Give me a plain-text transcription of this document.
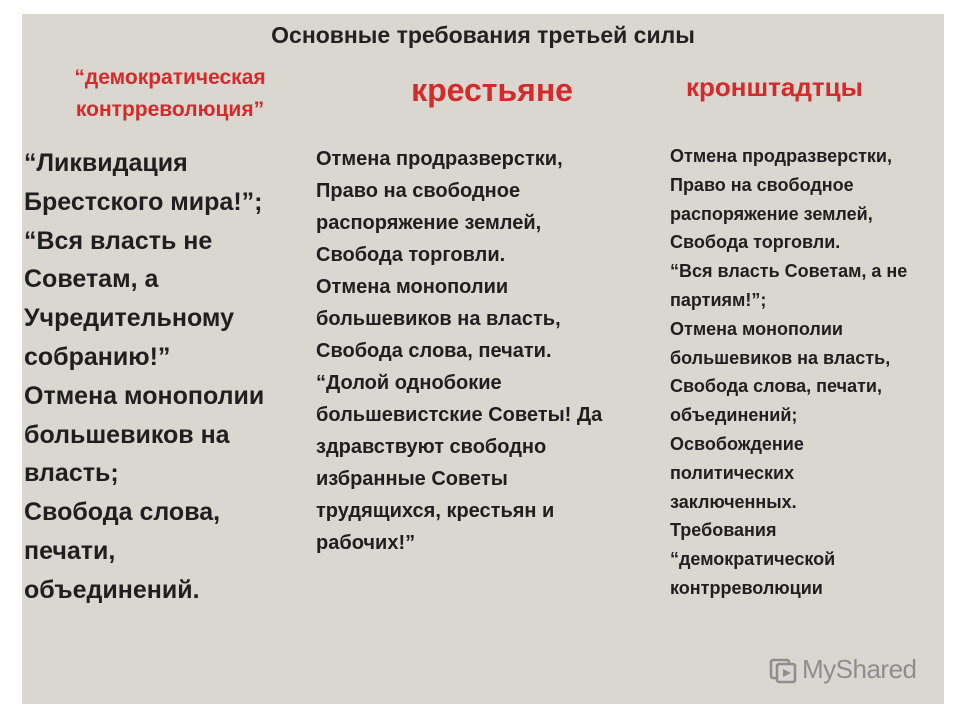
Основные требования третьей силы
“демократическая
контрреволюция”
крестьяне	кронштадтцы
“Ликвидация
Брестского мира!”;
“Вся власть не
Советам, а
Учредительному
собранию!”
Отмена монополии
большевиков на
власть;
Свобода слова,
печати,
объединений.
Отмена продразверстки,
Право на свободное
распоряжение землей,
Свобода торговли.
Отмена монополии
большевиков на власть,
Свобода слова, печати.
“Долой однобокие
большевистские Советы! Да
здравствуют свободно
избранные Советы
трудящихся, крестьян и
рабочих!”
Отмена продразверстки,
Право на свободное
распоряжение землей,
Свобода торговли.
“Вся власть Советам, а не
партиям!”;
Отмена монополии
большевиков на власть,
Свобода слова, печати,
объединений;
Освобождение
политических
заключенных.
Требования
“демократической
контрреволюции
MyShared
